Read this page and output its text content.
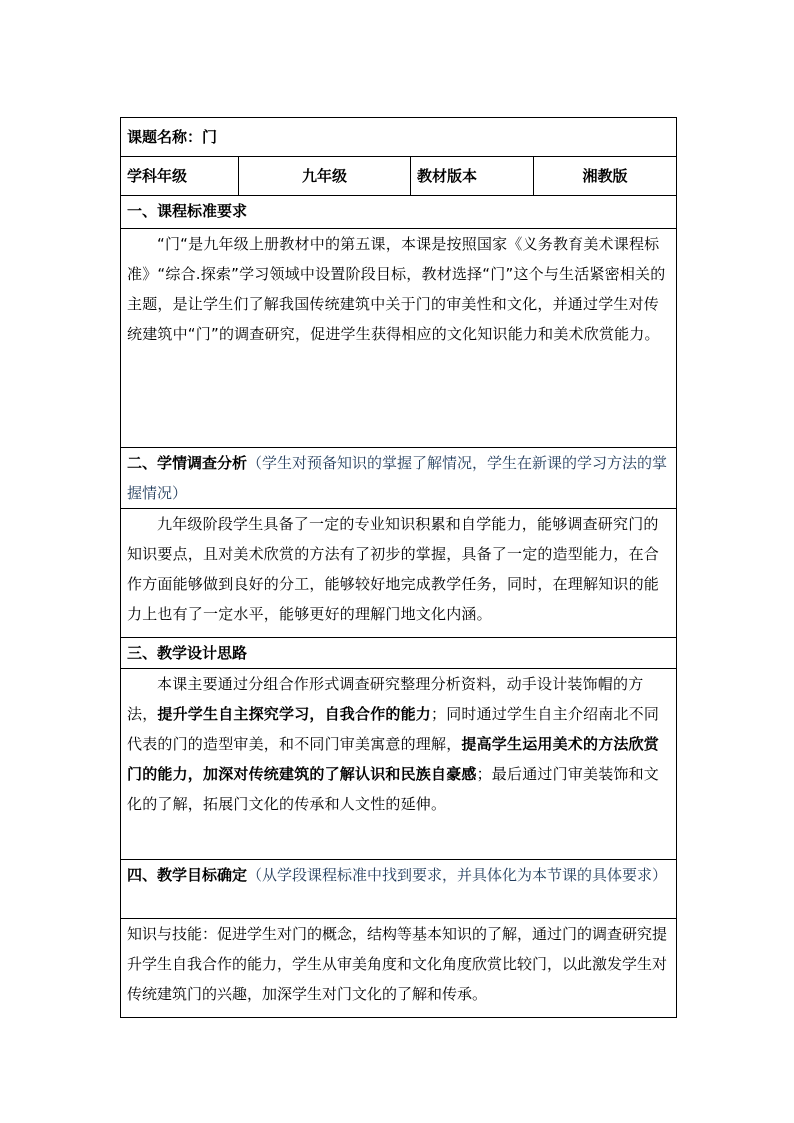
课题名称：门
学科年级	九年级	教材版本	湘教版
一、课程标准要求

“门“是九年级上册教材中的第五课，本课是按照国家《义务教育美术课程标准》“综合.探索”学习领域中设置阶段目标，教材选择“门”这个与生活紧密相关的主题，是让学生们了解我国传统建筑中关于门的审美性和文化，并通过学生对传统建筑中“门”的调查研究，促进学生获得相应的文化知识能力和美术欣赏能力。

二、学情调查分析（学生对预备知识的掌握了解情况，学生在新课的学习方法的掌握情况）

九年级阶段学生具备了一定的专业知识积累和自学能力，能够调查研究门的知识要点，且对美术欣赏的方法有了初步的掌握，具备了一定的造型能力，在合作方面能够做到良好的分工，能够较好地完成教学任务，同时，在理解知识的能力上也有了一定水平，能够更好的理解门地文化内涵。

三、教学设计思路

本课主要通过分组合作形式调查研究整理分析资料，动手设计装饰帽的方法，提升学生自主探究学习，自我合作的能力；同时通过学生自主介绍南北不同代表的门的造型审美，和不同门审美寓意的理解，提高学生运用美术的方法欣赏门的能力，加深对传统建筑的了解认识和民族自豪感；最后通过门审美装饰和文化的了解，拓展门文化的传承和人文性的延伸。

四、教学目标确定（从学段课程标准中找到要求，并具体化为本节课的具体要求）

知识与技能：促进学生对门的概念，结构等基本知识的了解，通过门的调查研究提升学生自我合作的能力，学生从审美角度和文化角度欣赏比较门，以此激发学生对传统建筑门的兴趣，加深学生对门文化的了解和传承。
